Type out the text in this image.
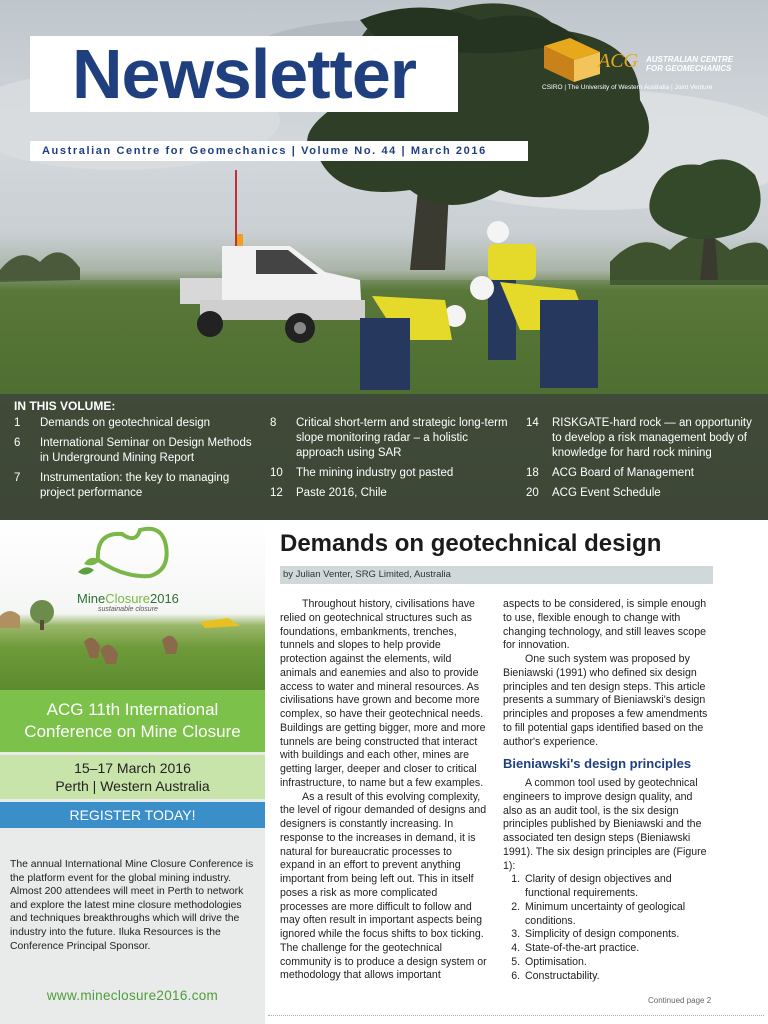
Newsletter
Australian Centre for Geomechanics | Volume No. 44 | March 2016
ACG AUSTRALIAN CENTRE
FOR GEOMECHANICS
CSIRO | The University of Western Australia | Joint Venture
IN THIS VOLUME:
1 Demands on geotechnical design
6 International Seminar on Design Methods in Underground Mining Report
7 Instrumentation: the key to managing project performance
8 Critical short-term and strategic long-term slope monitoring radar – a holistic approach using SAR
10 The mining industry got pasted
12 Paste 2016, Chile
14 RISKGATE-hard rock — an opportunity to develop a risk management body of knowledge for hard rock mining
18 ACG Board of Management
20 ACG Event Schedule
MineClosure2016
sustainable closure
ACG 11th International
Conference on Mine Closure
15–17 March 2016
Perth | Western Australia
REGISTER TODAY!
The annual International Mine Closure Conference is the platform event for the global mining industry. Almost 200 attendees will meet in Perth to network and explore the latest mine closure methodologies and techniques breakthroughs which will drive the industry into the future. Iluka Resources is the Conference Principal Sponsor.
www.mineclosure2016.com
Demands on geotechnical design
by Julian Venter, SRG Limited, Australia

Throughout history, civilisations have relied on geotechnical structures such as foundations, embankments, trenches, tunnels and slopes to help provide protection against the elements, wild animals and eanemies and also to provide access to water and mineral resources. As civilisations have grown and become more complex, so have their geotechnical needs. Buildings are getting bigger, more and more tunnels are being constructed that interact with buildings and each other, mines are getting larger, deeper and closer to critical infrastructure, to name but a few examples.

As a result of this evolving complexity, the level of rigour demanded of designs and designers is constantly increasing. In response to the increases in demand, it is natural for bureaucratic processes to expand in an effort to prevent anything important from being left out. This in itself poses a risk as more complicated processes are more difficult to follow and may often result in important aspects being ignored while the focus shifts to box ticking. The challenge for the geotechnical community is to produce a design system or methodology that allows important

aspects to be considered, is simple enough to use, flexible enough to change with changing technology, and still leaves scope for innovation.

One such system was proposed by Bieniawski (1991) who defined six design principles and ten design steps. This article presents a summary of Bieniawski's design principles and proposes a few amendments to fill potential gaps identified based on the author's experience.

Bieniawski's design principles

A common tool used by geotechnical engineers to improve design quality, and also as an audit tool, is the six design principles published by Bieniawski and the associated ten design steps (Bieniawski 1991). The six design principles are (Figure 1):

1. Clarity of design objectives and functional requirements.
2. Minimum uncertainty of geological conditions.
3. Simplicity of design components.
4. State-of-the-art practice.
5. Optimisation.
6. Constructability.
Continued page 2
